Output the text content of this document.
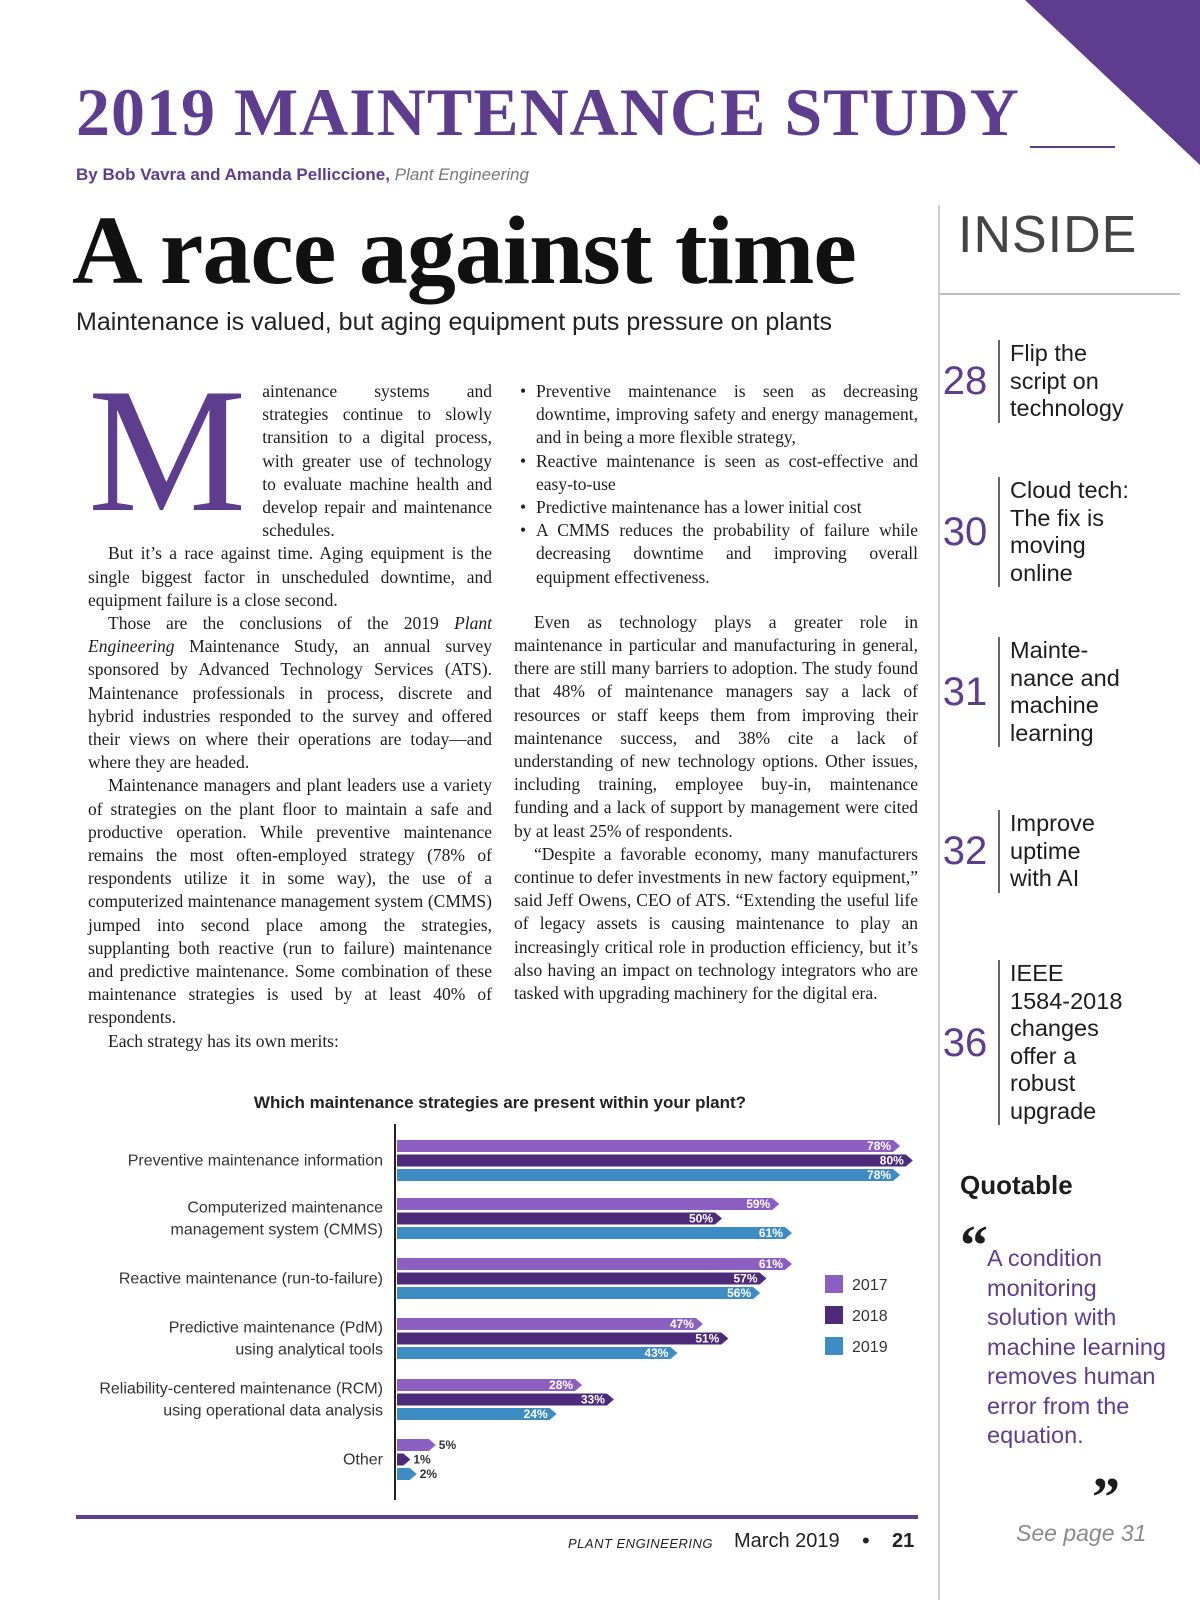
2019 MAINTENANCE STUDY
By Bob Vavra and Amanda Pelliccione, Plant Engineering
A race against time
Maintenance is valued, but aging equipment puts pressure on plants

Maintenance systems and strategies continue to slowly transition to a digital process, with greater use of technology to evaluate machine health and develop repair and maintenance schedules.

But it’s a race against time. Aging equipment is the single biggest factor in unscheduled downtime, and equipment failure is a close second.

Those are the conclusions of the 2019 Plant Engineering Maintenance Study, an annual survey sponsored by Advanced Technology Services (ATS). Maintenance professionals in process, discrete and hybrid industries responded to the survey and offered their views on where their operations are today—and where they are headed.

Maintenance managers and plant leaders use a variety of strategies on the plant floor to maintain a safe and productive operation. While preventive maintenance remains the most often-employed strategy (78% of respondents utilize it in some way), the use of a computerized maintenance management system (CMMS) jumped into second place among the strategies, supplanting both reactive (run to failure) maintenance and predictive maintenance. Some combination of these maintenance strategies is used by at least 40% of respondents.

Each strategy has its own merits:

• Preventive maintenance is seen as decreasing downtime, improving safety and energy management, and in being a more flexible strategy,
• Reactive maintenance is seen as cost-effective and easy-to-use
• Predictive maintenance has a lower initial cost
• A CMMS reduces the probability of failure while decreasing downtime and improving overall equipment effectiveness.

Even as technology plays a greater role in maintenance in particular and manufacturing in general, there are still many barriers to adoption. The study found that 48% of maintenance managers say a lack of resources or staff keeps them from improving their maintenance success, and 38% cite a lack of understanding of new technology options. Other issues, including training, employee buy-in, maintenance funding and a lack of support by management were cited by at least 25% of respondents.

“Despite a favorable economy, many manufacturers continue to defer investments in new factory equipment,” said Jeff Owens, CEO of ATS. “Extending the useful life of legacy assets is causing maintenance to play an increasingly critical role in production efficiency, but it’s also having an impact on technology integrators who are tasked with upgrading machinery for the digital era.

Which maintenance strategies are present within your plant?
Preventive maintenance information
78%
80%
78%
Computerized maintenance management system (CMMS)
59%
50%
61%
Reactive maintenance (run-to-failure)
61%
57%
56%
Predictive maintenance (PdM) using analytical tools
47%
51%
43%
Reliability-centered maintenance (RCM) using operational data analysis
28%
33%
24%
Other
5%
1%
2%
2017
2018
2019
PLANT ENGINEERING March 2019 • 21
INSIDE
28
Flip the
script on
technology
30
Cloud tech:
The fix is
moving
online
31
Mainte-
nance and
machine
learning
32
Improve
uptime
with AI
36
IEEE
1584-2018
changes
offer a
robust
upgrade
Quotable
“ A condition monitoring solution with machine learning removes human error from the equation.
”
See page 31
